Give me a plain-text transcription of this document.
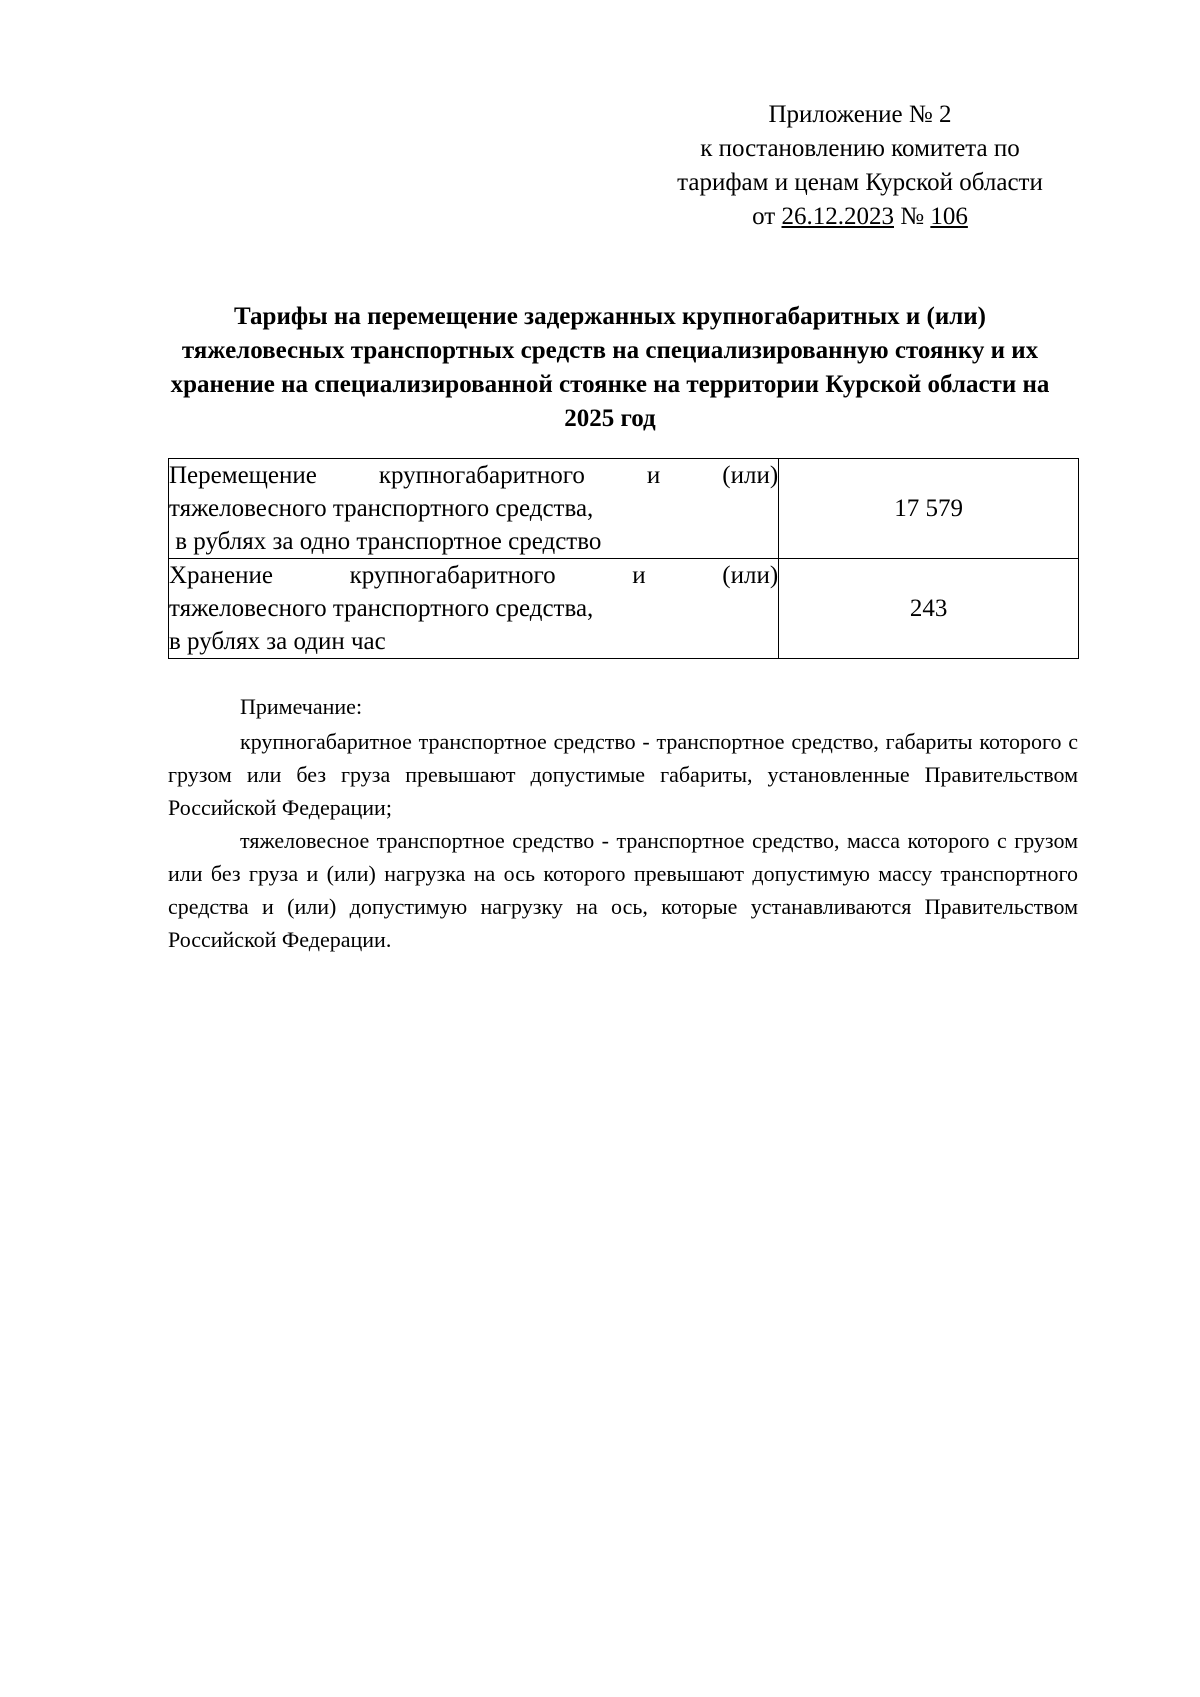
Приложение № 2
к постановлению комитета по
тарифам и ценам Курской области
от 26.12.2023 № 106
Тарифы на перемещение задержанных крупногабаритных и (или) тяжеловесных транспортных средств на специализированную стоянку и их хранение на специализированной стоянке на территории Курской области на 2025 год
Перемещение крупногабаритного и (или)
тяжеловесного транспортного средства,
в рублях за одно транспортное средство	17 579

Хранение крупногабаритного и (или)
тяжеловесного транспортного средства,
в рублях за один час	243
Примечание:

крупногабаритное транспортное средство - транспортное средство, габариты которого с грузом или без груза превышают допустимые габариты, установленные Правительством Российской Федерации;

тяжеловесное транспортное средство - транспортное средство, масса которого с грузом или без груза и (или) нагрузка на ось которого превышают допустимую массу транспортного средства и (или) допустимую нагрузку на ось, которые устанавливаются Правительством Российской Федерации.
